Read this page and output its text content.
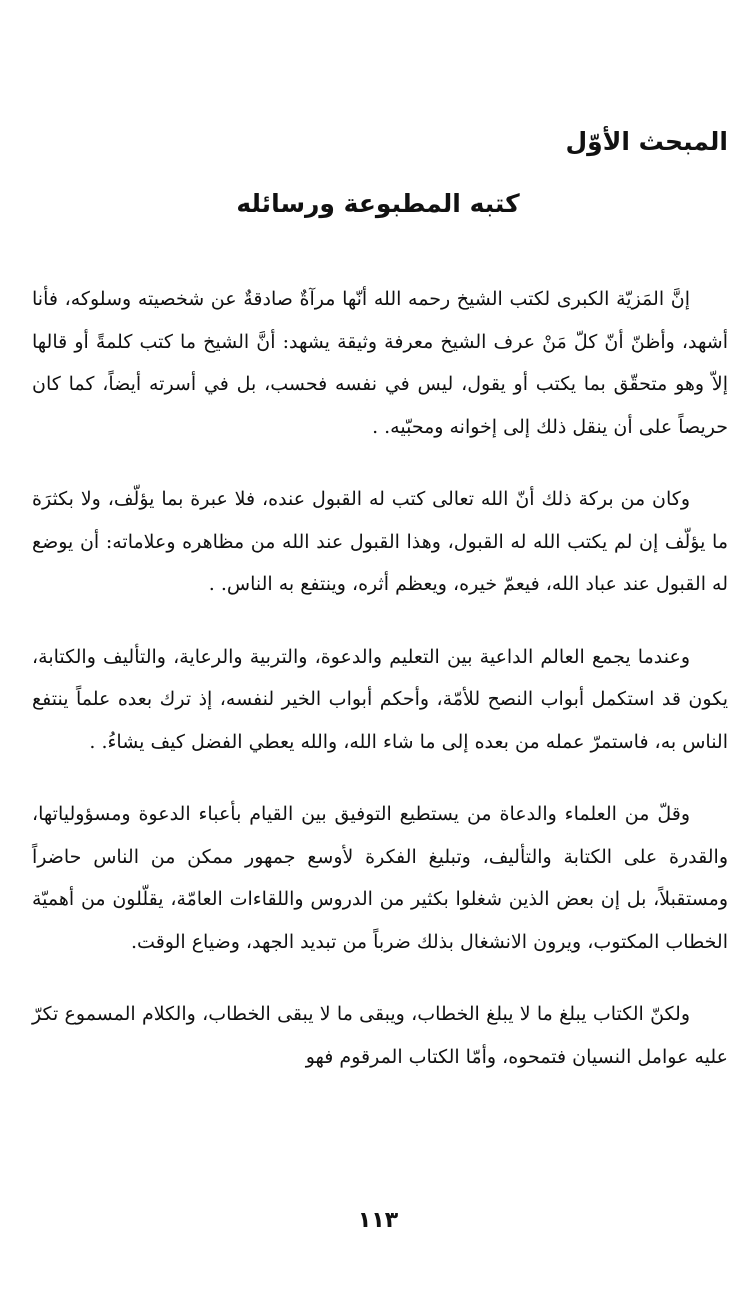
المبحث الأوّل
كتبه المطبوعة ورسائله

إنَّ المَزيّة الكبرى لكتب الشيخ رحمه الله أنّها مرآةٌ صادقةٌ عن شخصيته وسلوكه، فأنا أشهد، وأظنّ أنّ كلّ مَنْ عرف الشيخ معرفة وثيقة يشهد: أنَّ الشيخ ما كتب كلمةً أو قالها إلاّ وهو متحقّق بما يكتب أو يقول، ليس في نفسه فحسب، بل في أسرته أيضاً، كما كان حريصاً على أن ينقل ذلك إلى إخوانه ومحبّيه. .

وكان من بركة ذلك أنّ الله تعالى كتب له القبول عنده، فلا عبرة بما يؤلّف، ولا بكثرَة ما يؤلّف إن لم يكتب الله له القبول، وهذا القبول عند الله من مظاهره وعلاماته: أن يوضع له القبول عند عباد الله، فيعمّ خيره، ويعظم أثره، وينتفع به الناس. .

وعندما يجمع العالم الداعية بين التعليم والدعوة، والتربية والرعاية، والتأليف والكتابة، يكون قد استكمل أبواب النصح للأمّة، وأحكم أبواب الخير لنفسه، إذ ترك بعده علماً ينتفع الناس به، فاستمرّ عمله من بعده إلى ما شاء الله، والله يعطي الفضل كيف يشاءُ. .

وقلّ من العلماء والدعاة من يستطيع التوفيق بين القيام بأعباء الدعوة ومسؤولياتها، والقدرة على الكتابة والتأليف، وتبليغ الفكرة لأوسع جمهور ممكن من الناس حاضراً ومستقبلاً، بل إن بعض الذين شغلوا بكثير من الدروس واللقاءات العامّة، يقلّلون من أهميّة الخطاب المكتوب، ويرون الانشغال بذلك ضرباً من تبديد الجهد، وضياع الوقت.

ولكنّ الكتاب يبلغ ما لا يبلغ الخطاب، ويبقى ما لا يبقى الخطاب، والكلام المسموع تكرّ عليه عوامل النسيان فتمحوه، وأمّا الكتاب المرقوم فهو

١١٣
